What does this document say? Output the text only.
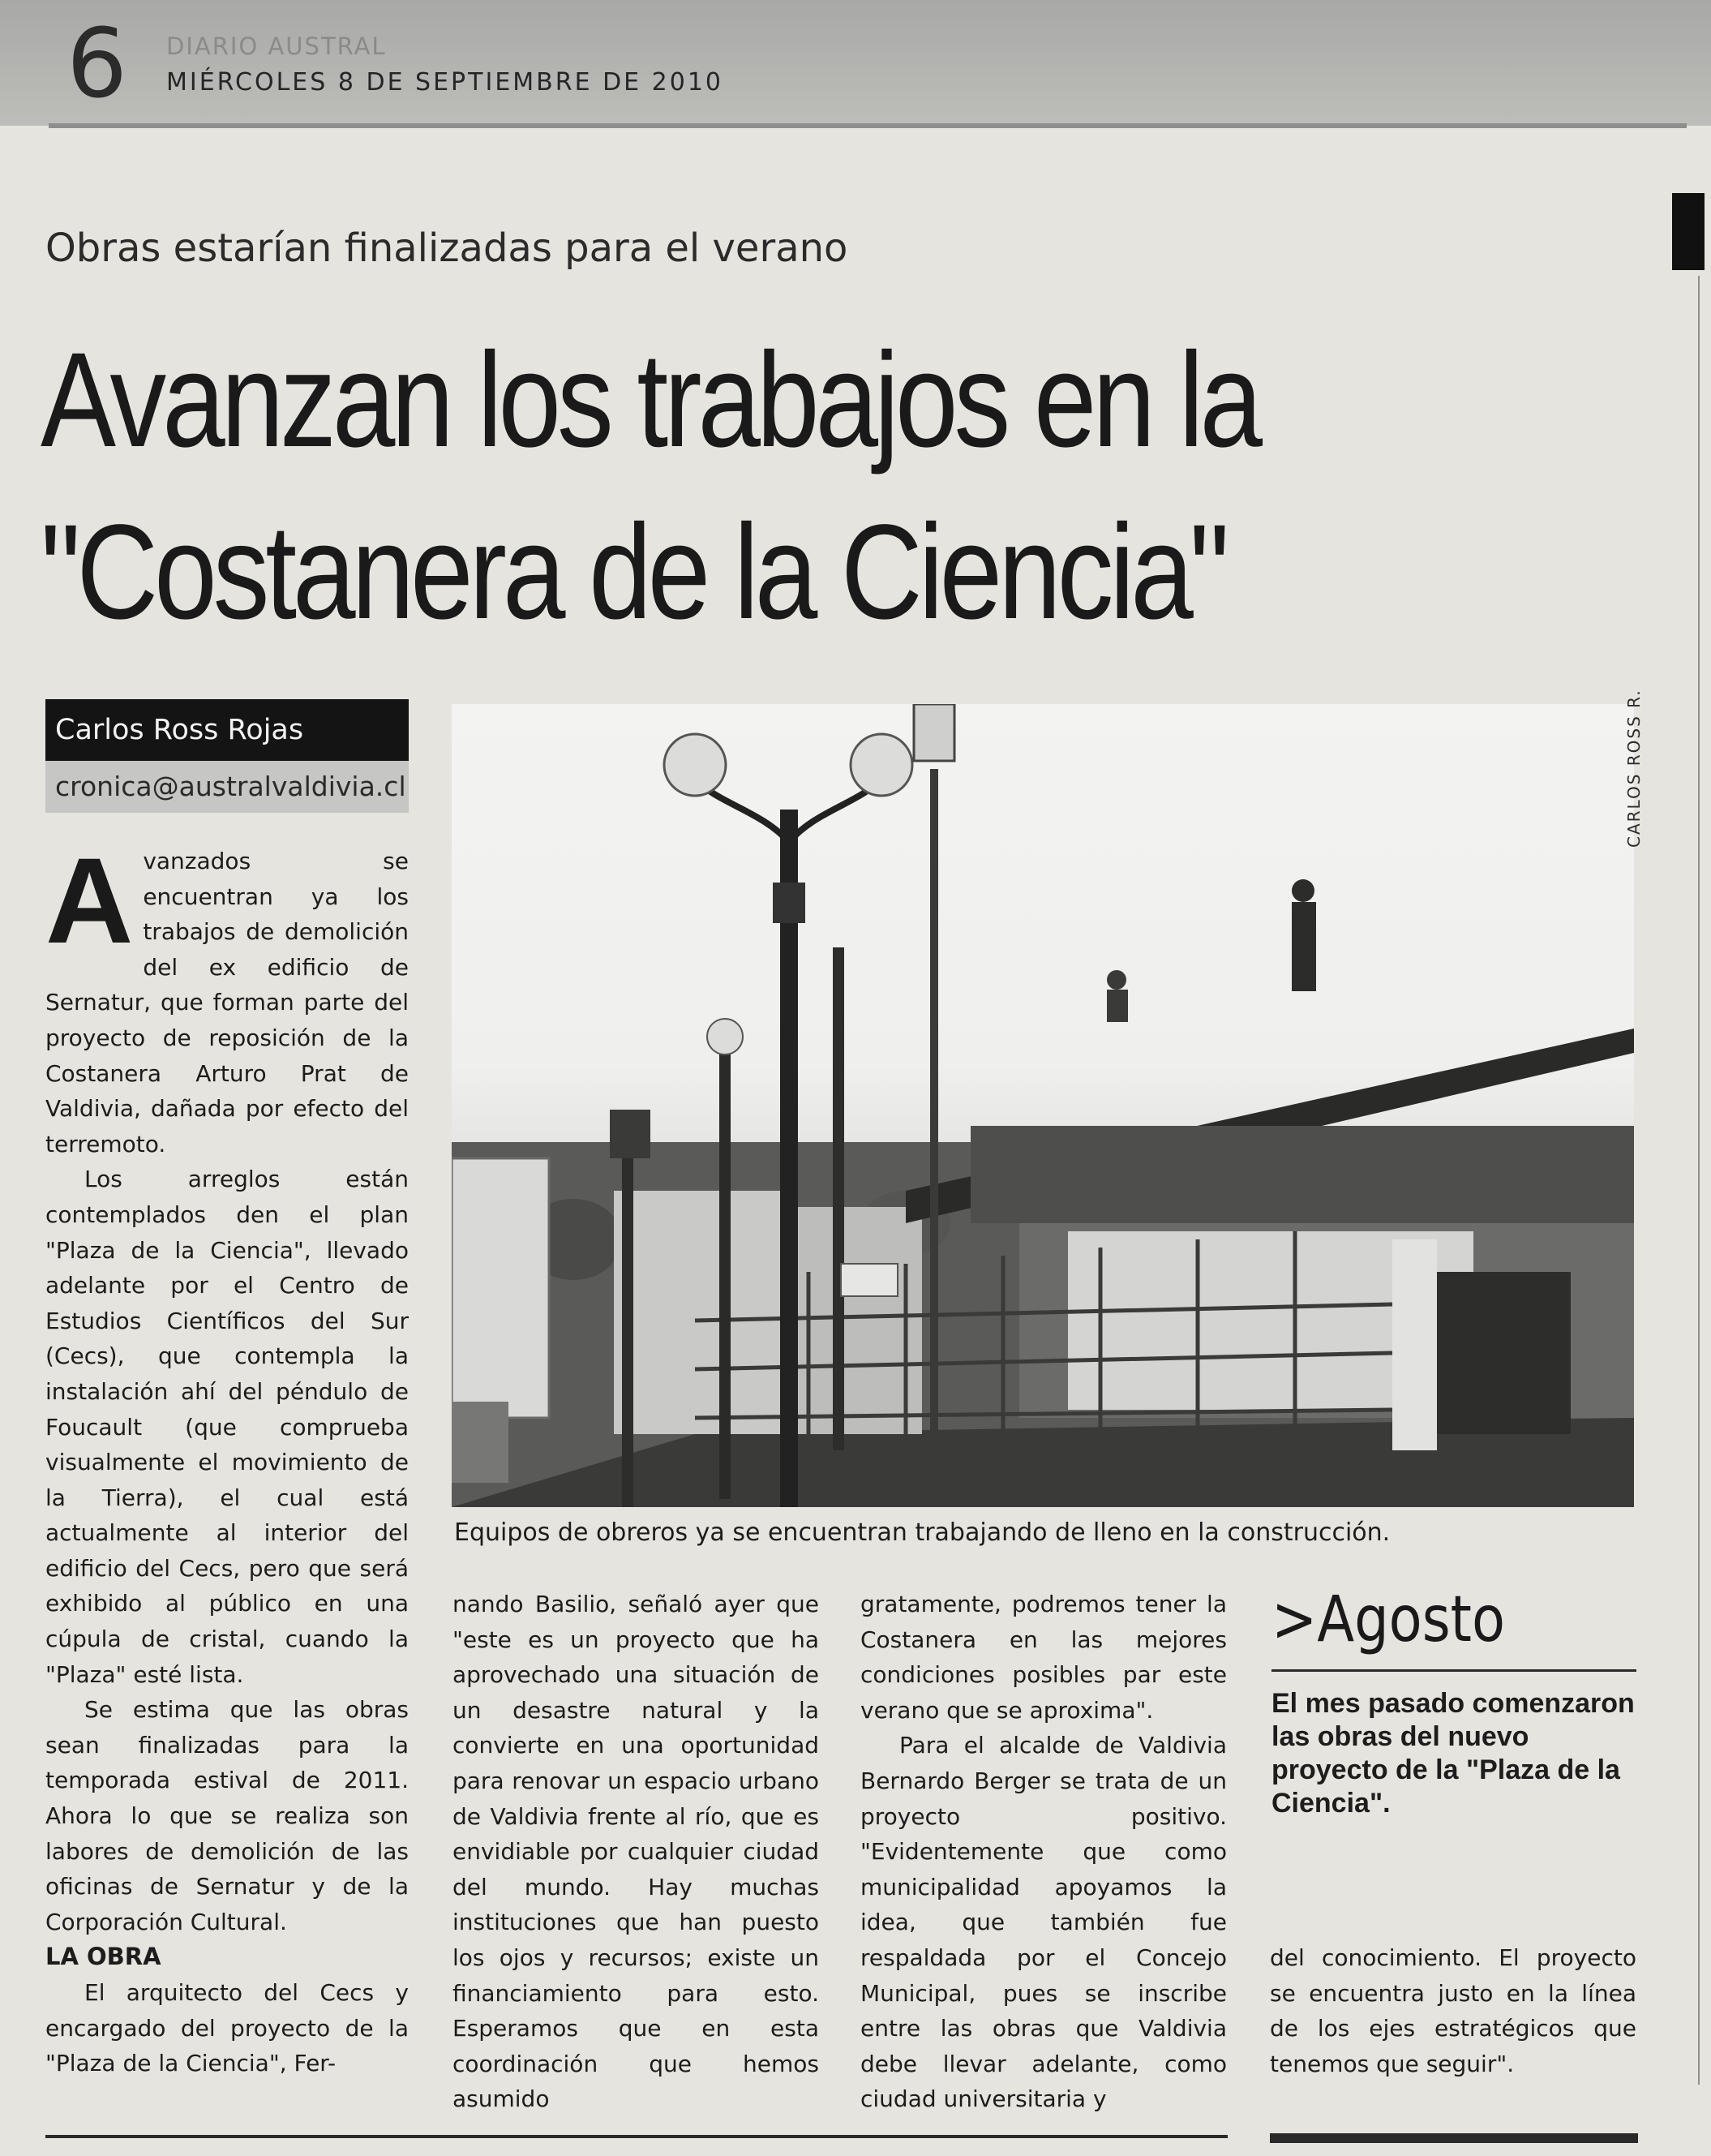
6 DIARIO AUSTRAL
MIÉRCOLES 8 DE SEPTIEMBRE DE 2010
Obras estarían finalizadas para el verano
Avanzan los trabajos en la
"Costanera de la Ciencia"
Carlos Ross Rojas
cronica@australvaldivia.cl

Avanzados se encuentran ya los trabajos de demolición del ex edificio de Sernatur, que forman parte del proyecto de reposición de la Costanera Arturo Prat de Valdivia, dañada por efecto del terremoto.

Los arreglos están contemplados den el plan "Plaza de la Ciencia", llevado adelante por el Centro de Estudios Científicos del Sur (Cecs), que contempla la instalación ahí del péndulo de Foucault (que comprueba visualmente el movimiento de la Tierra), el cual está actualmente al interior del edificio del Cecs, pero que será exhibido al público en una cúpula de cristal, cuando la "Plaza" esté lista.

Se estima que las obras sean finalizadas para la temporada estival de 2011. Ahora lo que se realiza son labores de demolición de las oficinas de Sernatur y de la Corporación Cultural.

LA OBRA

El arquitecto del Cecs y encargado del proyecto de la "Plaza de la Ciencia", Fer-

Equipos de obreros ya se encuentran trabajando de lleno en la construcción.
CARLOS ROSS R.

nando Basilio, señaló ayer que "este es un proyecto que ha aprovechado una situación de un desastre natural y la convierte en una oportunidad para renovar un espacio urbano de Valdivia frente al río, que es envidiable por cualquier ciudad del mundo. Hay muchas instituciones que han puesto los ojos y recursos; existe un financiamiento para esto. Esperamos que en esta coordinación que hemos asumido

gratamente, podremos tener la Costanera en las mejores condiciones posibles par este verano que se aproxima".

Para el alcalde de Valdivia Bernardo Berger se trata de un proyecto positivo. "Evidentemente que como municipalidad apoyamos la idea, que también fue respaldada por el Concejo Municipal, pues se inscribe entre las obras que Valdivia debe llevar adelante, como ciudad universitaria y

>Agosto
El mes pasado comenzaron las obras del nuevo proyecto de la "Plaza de la Ciencia".

del conocimiento. El proyecto se encuentra justo en la línea de los ejes estratégicos que tenemos que seguir".
